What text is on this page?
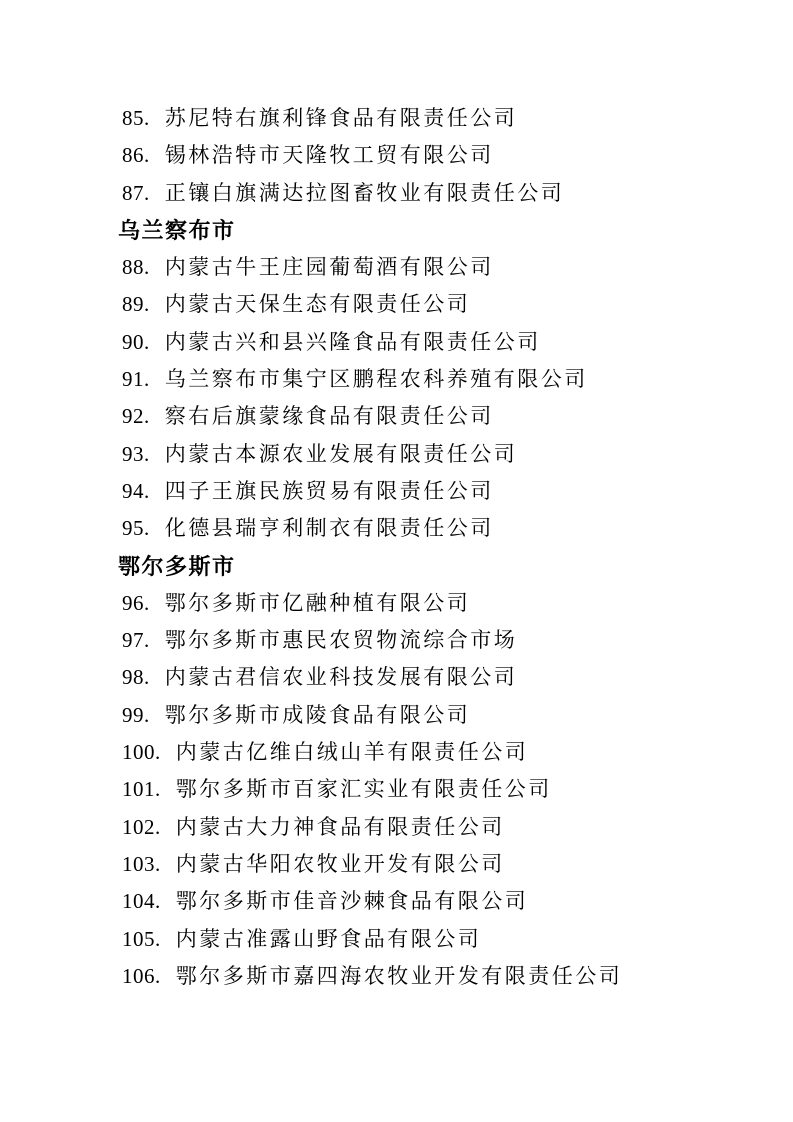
85. 苏尼特右旗利锋食品有限责任公司
86. 锡林浩特市天隆牧工贸有限公司
87. 正镶白旗满达拉图畜牧业有限责任公司
乌兰察布市
88. 内蒙古牛王庄园葡萄酒有限公司
89. 内蒙古天保生态有限责任公司
90. 内蒙古兴和县兴隆食品有限责任公司
91. 乌兰察布市集宁区鹏程农科养殖有限公司
92. 察右后旗蒙缘食品有限责任公司
93. 内蒙古本源农业发展有限责任公司
94. 四子王旗民族贸易有限责任公司
95. 化德县瑞亨利制衣有限责任公司
鄂尔多斯市
96. 鄂尔多斯市亿融种植有限公司
97. 鄂尔多斯市惠民农贸物流综合市场
98. 内蒙古君信农业科技发展有限公司
99. 鄂尔多斯市成陵食品有限公司
100. 内蒙古亿维白绒山羊有限责任公司
101. 鄂尔多斯市百家汇实业有限责任公司
102. 内蒙古大力神食品有限责任公司
103. 内蒙古华阳农牧业开发有限公司
104. 鄂尔多斯市佳音沙棘食品有限公司
105. 内蒙古准露山野食品有限公司
106. 鄂尔多斯市嘉四海农牧业开发有限责任公司
